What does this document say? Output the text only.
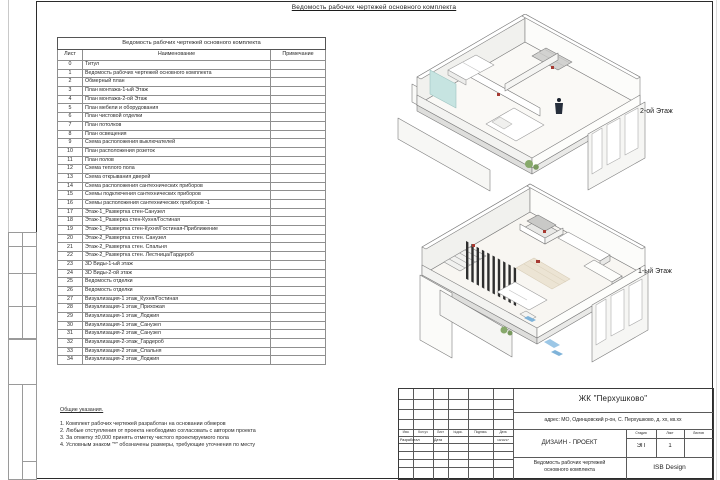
Ведомость рабочих чертежей основного комплекта
Ведомость рабочих чертежей основного комплекта		
Лист	Наименование	Примечание
0	Титул	
1	Ведомость рабочих чертежей основного комплекта	
2	Обмерный план	
3	План монтажа-1-ый Этаж	
4	План монтажа-2-ой Этаж	
5	План мебели и оборудования	
6	План чистовой отделки	
7	План потолков	
8	План освещения	
9	Схема расположения выключателей	
10	План расположения розеток	
11	План полов	
12	Схема теплого пола	
13	Схема открывания дверей	
14	Схема расположения сантехнических приборов	
15	Схемы подключения сантехнических приборов	
16	Схемы расположения сантехнических приборов -1	
17	Этаж-1_Развертка стен-Санузел	
18	Этаж-1_Разверка стен-Кухня/Гостиная	
19	Этаж-1_Развертка стен-Кухня/Гостиная-Приближение	
20	Этаж-2_Развертка стен. Санузел	
21	Этаж-2_Развертка стен. Спальня	
22	Этаж-2_Развертка стен. Лестница/Гардероб	
23	3D Виды-1-ый этаж	
24	3D Виды-2-ой этаж	
25	Ведомость отделки	
26	Ведомость отделки	
27	Визуализация-1 этаж_Кухня/Гостиная	
28	Визуализация-1 этаж_Прихожая	
29	Визуализация-1 этаж_Лоджия	
30	Визуализация-1 этаж_Санузел	
31	Визуализация-2 этаж_Санузел	
32	Визуализация-2-этаж_Гардероб	
33	Визуализация-2 этаж_Спальня	
34	Визуализация-2 этаж_Лоджия	
2-ой Этаж
1-ый Этаж
Общие указания.
1. Комплект рабочих чертежей разработан на основании обмеров
2. Любые отступления от проекта необходимо согласовать с автором проекта
3. За отметку ±0,000 принять отметку чистого проектируемого пола
4. Условным знаком "*" обозначены размеры, требующие уточнения по месту
Изм.	Кол.уч	Лист	№док.	Подпись	Дата
Разработал	Дата	10/10/17
ЖК "Перхушково"
адрес: МО, Одинцовский р-он, С. Перхушково, д. хх, кв.хх
ДИЗАЙН - ПРОЕКТ
Стадия	Лист	Листов
ЭП	1
Ведомость рабочих чертежей
основного комплекта	ISB Design
